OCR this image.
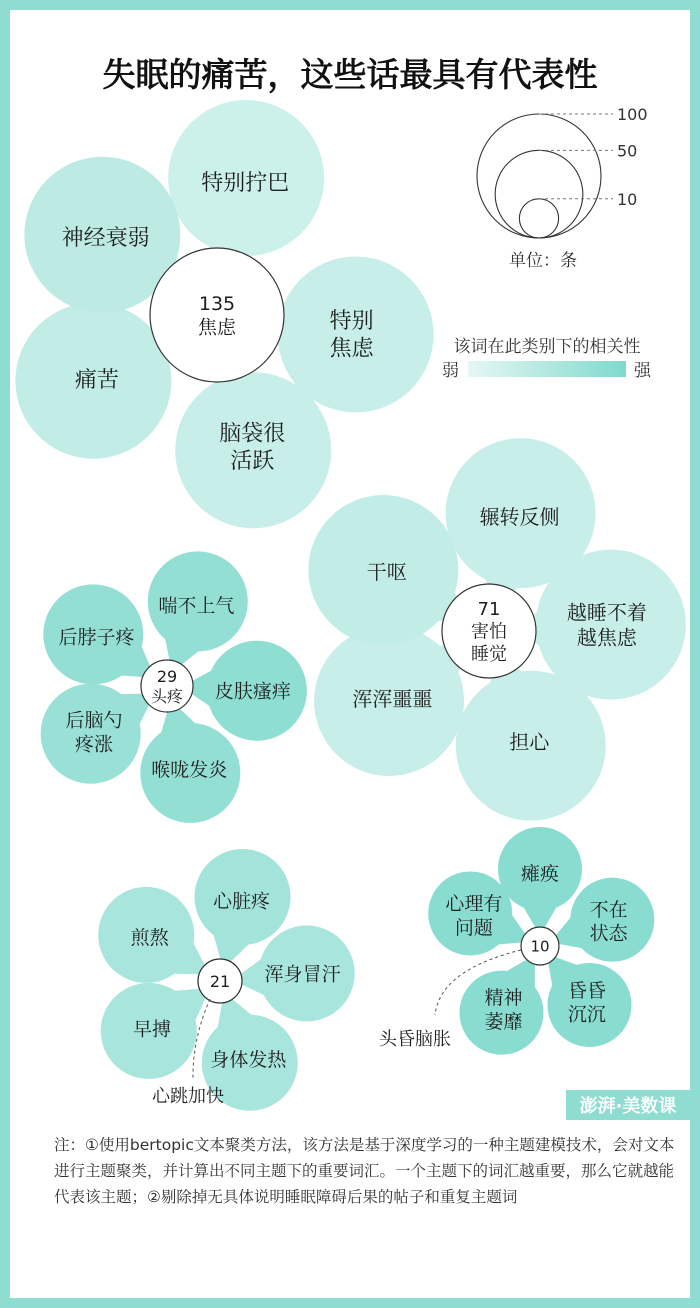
失眠的痛苦，这些话最具有代表性
特别拧巴
特别
焦虑
脑袋很
活跃
痛苦
神经衰弱
135
焦虑
辗转反侧
越睡不着
越焦虑
担心
浑浑噩噩
干呕
71
害怕
睡觉
喘不上气
皮肤瘙痒
喉咙发炎
后脑勺
疼涨
后脖子疼
29
头疼
心脏疼
浑身冒汗
身体发热
早搏
煎熬
21
心跳加快
瘫痪
不在
状态
昏昏
沉沉
精神
萎靡
心理有
问题
10
头昏脑胀
10
50
100
单位：条
该词在此类别下的相关性
弱	强
澎湃·美数课

注：①使用bertopic文本聚类方法，该方法是基于深度学习的一种主题建模技术，会对文本进行主题聚类，并计算出不同主题下的重要词汇。一个主题下的词汇越重要，那么它就越能代表该主题；②剔除掉无具体说明睡眠障碍后果的帖子和重复主题词
